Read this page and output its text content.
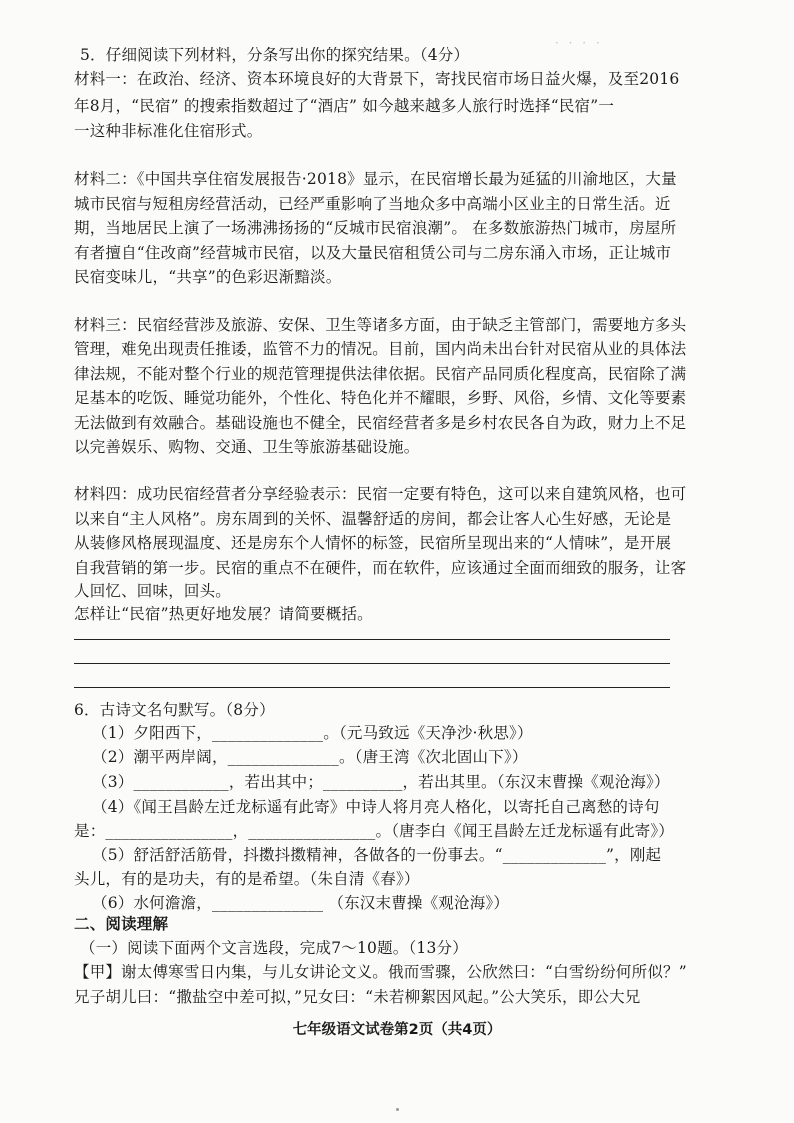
· · · ·
5．仔细阅读下列材料，分条写出你的探究结果。（4分）
材料一：在政治、经济、资本环境良好的大背景下，寄找民宿市场日益火爆，及至2016
年8月，“民宿” 的搜索指数超过了“酒店” 如今越来越多人旅行时选择“民宿”一
一这种非标准化住宿形式。
材料二：《中国共享住宿发展报告·2018》显示，在民宿增长最为延猛的川渝地区，大量
城市民宿与短租房经营活动，已经严重影响了当地众多中高端小区业主的日常生活。近
期，当地居民上演了一场沸沸扬扬的“反城市民宿浪潮”。 在多数旅游热门城市，房屋所
有者擅自“住改商”经营城市民宿，以及大量民宿租赁公司与二房东涌入市场，正让城市
民宿变味儿，“共享”的色彩迟渐黯淡。
材料三：民宿经营涉及旅游、安保、卫生等诸多方面，由于缺乏主管部门，需要地方多头
管理，难免出现责任推诿，监管不力的情况。目前，国内尚未出台针对民宿从业的具体法
律法规，不能对整个行业的规范管理提供法律依据。民宿产品同质化程度高，民宿除了满
足基本的吃饭、睡觉功能外，个性化、特色化并不耀眼，乡野、风俗，乡情、文化等要素
无法做到有效融合。基础设施也不健全，民宿经营者多是乡村农民各自为政，财力上不足
以完善娱乐、购物、交通、卫生等旅游基础设施。
材料四：成功民宿经营者分享经验表示：民宿一定要有特色，这可以来自建筑风格，也可
以来自“主人风格”。房东周到的关怀、温馨舒适的房间，都会让客人心生好感，无论是
从装修风格展现温度、还是房东个人情怀的标签，民宿所呈现出来的“人情味”，是开展
自我营销的第一步。民宿的重点不在硬件，而在软件，应该通过全面而细致的服务，让客
人回忆、回味，回头。
怎样让“民宿”热更好地发展？请简要概括。
6．古诗文名句默写。（8分）
（1）夕阳西下，______________。（元马致远《天净沙·秋思》）
（2）潮平两岸阔，______________。（唐王湾《次北固山下》）
（3）____________，若出其中；__________，若出其里。（东汉末曹操《观沧海》）
（4）《闻王昌龄左迁龙标遥有此寄》中诗人将月亮人格化，以寄托自己离愁的诗句
是：________________，________________。（唐李白《闻王昌龄左迁龙标遥有此寄》）
（5）舒活舒活筋骨，抖擞抖擞精神，各做各的一份事去。“_____________”，刚起
头儿，有的是功夫，有的是希望。（朱自清《春》）
（6）水何澹澹，______________ （东汉末曹操《观沧海》）
二、阅读理解
（一）阅读下面两个文言选段，完成7～10题。（13分）
【甲】谢太傅寒雪日内集，与儿女讲论文义。俄而雪骤，公欣然曰：“白雪纷纷何所似？”
兄子胡儿曰：“撒盐空中差可拟，”兄女曰：“未若柳絮因风起。”公大笑乐，即公大兄
七年级语文试卷第2页（共4页）
